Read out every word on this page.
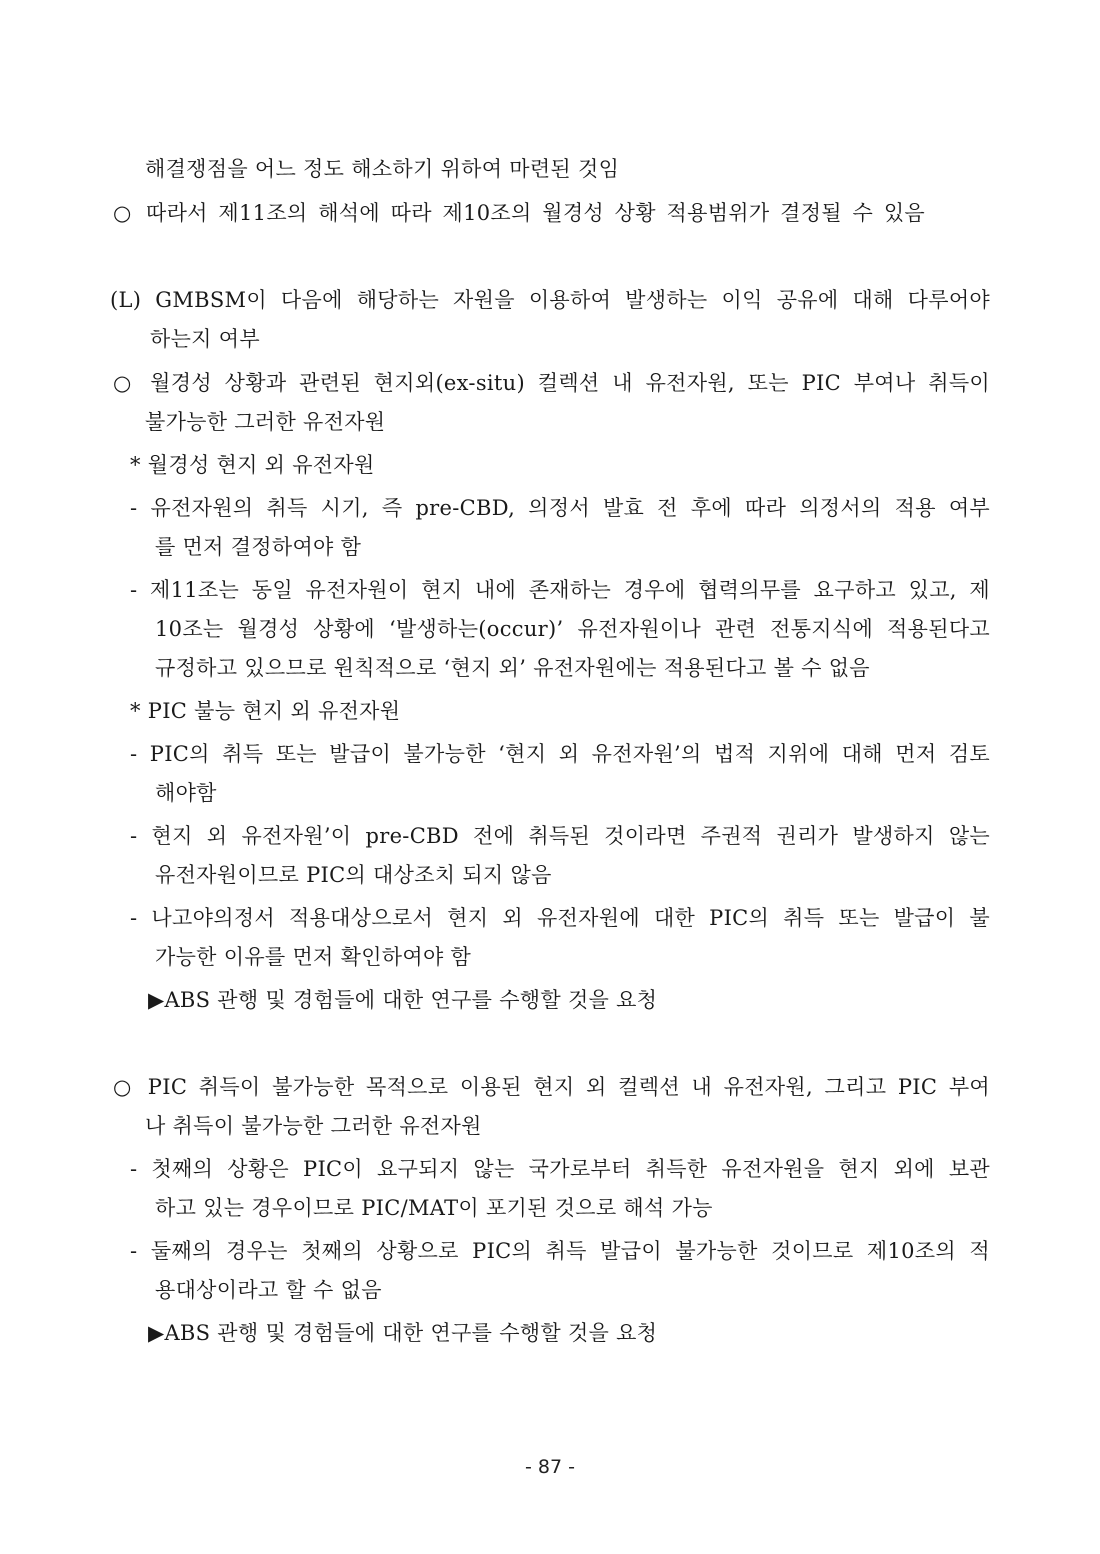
해결쟁점을 어느 정도 해소하기 위하여 마련된 것임
○ 따라서 제11조의 해석에 따라 제10조의 월경성 상황 적용범위가 결정될 수 있음
(L) GMBSM이 다음에 해당하는 자원을 이용하여 발생하는 이익 공유에 대해 다루어야
하는지 여부
○ 월경성 상황과 관련된 현지외(ex-situ) 컬렉션 내 유전자원, 또는 PIC 부여나 취득이
불가능한 그러한 유전자원
* 월경성 현지 외 유전자원
- 유전자원의 취득 시기, 즉 pre-CBD, 의정서 발효 전 후에 따라 의정서의 적용 여부
를 먼저 결정하여야 함
- 제11조는 동일 유전자원이 현지 내에 존재하는 경우에 협력의무를 요구하고 있고, 제
10조는 월경성 상황에 ‘발생하는(occur)’ 유전자원이나 관련 전통지식에 적용된다고
규정하고 있으므로 원칙적으로 ‘현지 외’ 유전자원에는 적용된다고 볼 수 없음
* PIC 불능 현지 외 유전자원
- PIC의 취득 또는 발급이 불가능한 ‘현지 외 유전자원’의 법적 지위에 대해 먼저 검토
해야함
- 현지 외 유전자원’이 pre-CBD 전에 취득된 것이라면 주권적 권리가 발생하지 않는
유전자원이므로 PIC의 대상조치 되지 않음
- 나고야의정서 적용대상으로서 현지 외 유전자원에 대한 PIC의 취득 또는 발급이 불
가능한 이유를 먼저 확인하여야 함
▶ABS 관행 및 경험들에 대한 연구를 수행할 것을 요청
○ PIC 취득이 불가능한 목적으로 이용된 현지 외 컬렉션 내 유전자원, 그리고 PIC 부여
나 취득이 불가능한 그러한 유전자원
- 첫째의 상황은 PIC이 요구되지 않는 국가로부터 취득한 유전자원을 현지 외에 보관
하고 있는 경우이므로 PIC/MAT이 포기된 것으로 해석 가능
- 둘째의 경우는 첫째의 상황으로 PIC의 취득 발급이 불가능한 것이므로 제10조의 적
용대상이라고 할 수 없음
▶ABS 관행 및 경험들에 대한 연구를 수행할 것을 요청
- 87 -
